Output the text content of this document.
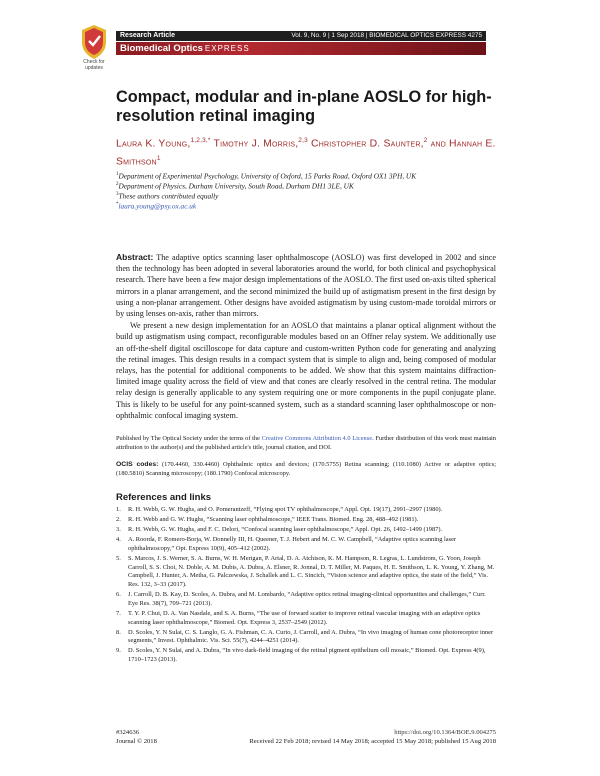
Check for updates
Research Article	Vol. 9, No. 9 | 1 Sep 2018 | BIOMEDICAL OPTICS EXPRESS 4275
Biomedical Optics EXPRESS
Compact, modular and in-plane AOSLO for high-resolution retinal imaging
Laura K. Young,$^{1,2,3,*}$ Timothy J. Morris,$^{2,3}$ Christopher D. Saunter,$^2$ and Hannah E. Smithson$^1$
$^1$Department of Experimental Psychology, University of Oxford, 15 Parks Road, Oxford OX1 3PH, UK
$^2$Department of Physics, Durham University, South Road, Durham DH1 3LE, UK
$^3$These authors contributed equally
*laura.young@psy.ox.ac.uk

Abstract: The adaptive optics scanning laser ophthalmoscope (AOSLO) was first developed in 2002 and since then the technology has been adopted in several laboratories around the world, for both clinical and psychophysical research. There have been a few major design implementations of the AOSLO. The first used on-axis tilted spherical mirrors in a planar arrangement, and the second minimized the build up of astigmatism present in the first design by using a non-planar arrangement. Other designs have avoided astigmatism by using custom-made toroidal mirrors or by using lenses on-axis, rather than mirrors.

We present a new design implementation for an AOSLO that maintains a planar optical alignment without the build up astigmatism using compact, reconfigurable modules based on an Offner relay system. We additionally use an off-the-shelf digital oscilloscope for data capture and custom-written Python code for generating and analyzing the retinal images. This design results in a compact system that is simple to align and, being composed of modular relays, has the potential for additional components to be added. We show that this system maintains diffraction-limited image quality across the field of view and that cones are clearly resolved in the central retina. The modular relay design is generally applicable to any system requiring one or more components in the pupil conjugate plane. This is likely to be useful for any point-scanned system, such as a standard scanning laser ophthalmoscope or non-ophthalmic confocal imaging system.

Published by The Optical Society under the terms of the Creative Commons Attribution 4.0 License. Further distribution of this work must maintain attribution to the author(s) and the published article's title, journal citation, and DOI.
OCIS codes: (170.4460, 330.4460) Ophthalmic optics and devices; (170.5755) Retina scanning; (110.1080) Active or adaptive optics; (180.5810) Scanning microscopy; (180.1790) Confocal microscopy.
References and links
1.	R. H. Webb, G. W. Hughs, and O. Pomerantzeff, “Flying spot TV ophthalmoscope,” Appl. Opt. 19(17), 2991–2997 (1980).
2.	R. H. Webb and G. W. Hughs, “Scanning laser ophthalmoscope,” IEEE Trans. Biomed. Eng. 28, 488–492 (1981).
3.	R. H. Webb, G. W. Hughs, and F. C. Delori, “Confocal scanning laser ophthalmoscope,” Appl. Opt. 26, 1492–1499 (1987).
4.	A. Roorda, F. Romero-Borja, W. Donnelly III, H. Queener, T. J. Hebert and M. C. W. Campbell, “Adaptive optics scanning laser ophthalmoscopy,” Opt. Express 10(9), 405–412 (2002).
5.	S. Marcos, J. S. Werner, S. A. Burns, W. H. Merigan, P. Artal, D. A. Atchison, K. M. Hampson, R. Legras, L. Lundstrom, G. Yoon, Joseph Carroll, S. S. Choi, N. Doble, A. M. Dubis, A. Dubra, A. Elsner, R. Jonnal, D. T. Miller, M. Paques, H. E. Smithson, L. K. Young, Y. Zhang, M. Campbell, J. Hunter, A. Metha, G. Palczewska, J. Schallek and L. C. Sincich, “Vision science and adaptive optics, the state of the field,” Vis. Res. 132, 3–33 (2017).
6.	J. Carroll, D. B. Kay, D. Scoles, A. Dubra, and M. Lombardo, “Adaptive optics retinal imaging-clinical opportunities and challenges,” Curr. Eye Res. 38(7), 709–721 (2013).
7.	T. Y. P. Chui, D. A. Van Nasdale, and S. A. Burns, “The use of forward scatter to improve retinal vascular imaging with an adaptive optics scanning laser ophthalmoscope,” Biomed. Opt. Express 3, 2537–2549 (2012).
8.	D. Scoles, Y. N Sulai, C. S. Langlo, G. A. Fishman, C. A. Curio, J. Carroll, and A. Dubra, “In vivo imaging of human cone photoreceptor inner segments,” Invest. Ophthalmic. Vis. Sci. 55(7), 4244–4251 (2014).
9.	D. Scoles, Y. N Sulai, and A. Dubra, “In vivo dark-field imaging of the retinal pigment epithelium cell mosaic,” Biomed. Opt. Express 4(9), 1710–1723 (2013).
#324636	https://doi.org/10.1364/BOE.9.004275
Journal © 2018	Received 22 Feb 2018; revised 14 May 2018; accepted 15 May 2018; published 15 Aug 2018
